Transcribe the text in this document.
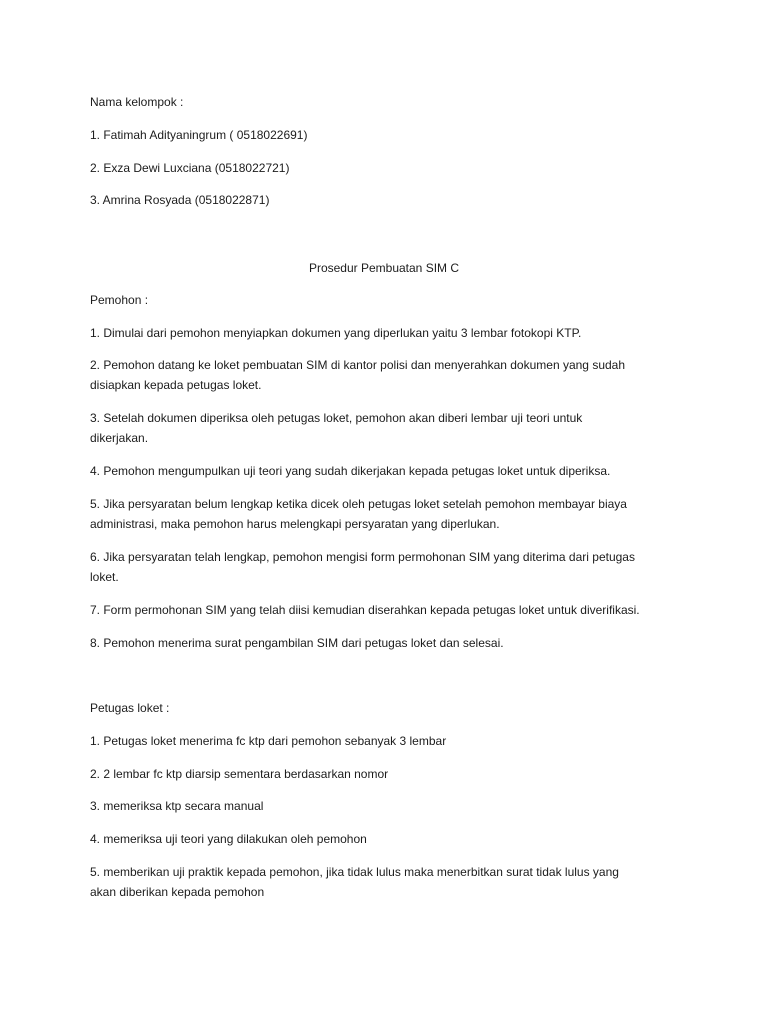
Nama kelompok :
1. Fatimah Adityaningrum ( 0518022691)
2. Exza Dewi Luxciana (0518022721)
3. Amrina Rosyada (0518022871)
Prosedur Pembuatan SIM C
Pemohon :
1. Dimulai dari pemohon menyiapkan dokumen yang diperlukan yaitu 3 lembar fotokopi KTP.
2. Pemohon datang ke loket pembuatan SIM di kantor polisi dan menyerahkan dokumen yang sudah
disiapkan kepada petugas loket.
3. Setelah dokumen diperiksa oleh petugas loket, pemohon akan diberi lembar uji teori untuk
dikerjakan.
4. Pemohon mengumpulkan uji teori yang sudah dikerjakan kepada petugas loket untuk diperiksa.
5. Jika persyaratan belum lengkap ketika dicek oleh petugas loket setelah pemohon membayar biaya
administrasi, maka pemohon harus melengkapi persyaratan yang diperlukan.
6. Jika persyaratan telah lengkap, pemohon mengisi form permohonan SIM yang diterima dari petugas
loket.
7. Form permohonan SIM yang telah diisi kemudian diserahkan kepada petugas loket untuk diverifikasi.
8. Pemohon menerima surat pengambilan SIM dari petugas loket dan selesai.
Petugas loket :
1. Petugas loket menerima fc ktp dari pemohon sebanyak 3 lembar
2. 2 lembar fc ktp diarsip sementara berdasarkan nomor
3. memeriksa ktp secara manual
4. memeriksa uji teori yang dilakukan oleh pemohon
5. memberikan uji praktik kepada pemohon, jika tidak lulus maka menerbitkan surat tidak lulus yang
akan diberikan kepada pemohon
